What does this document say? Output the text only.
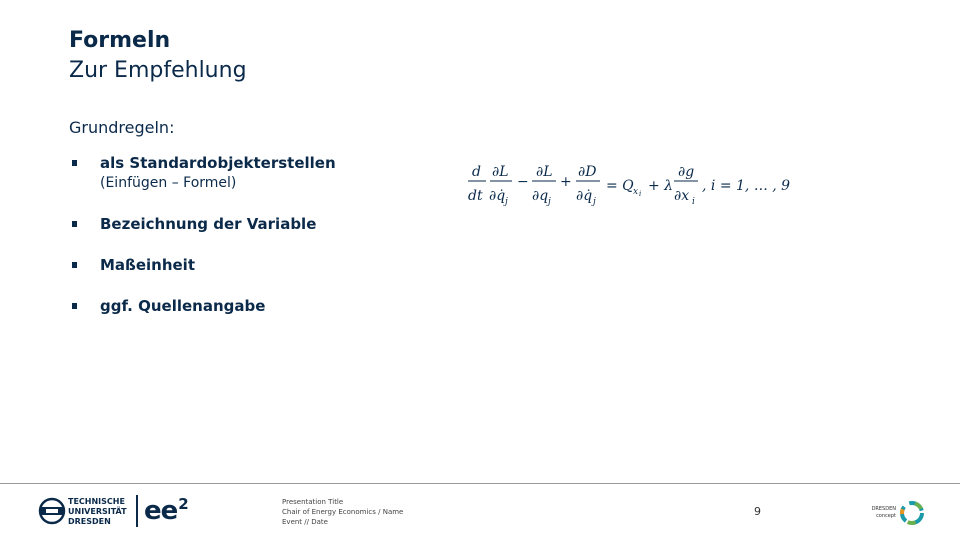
Formeln
Zur Empfehlung
Grundregeln:
als Standardobjekterstellen
(Einfügen – Formel)
Bezeichnung der Variable
Maßeinheit
ggf. Quellenangabe
d
dt
∂L
∂q̇ j
−
∂L
∂q j
+
∂D
∂q̇ j
= Q x i + λ
∂g
∂x i
, i = 1, … , 9
TECHNISCHE
UNIVERSITÄT
DRESDEN	$ee^2$	Presentation Title
Chair of Energy Economics / Name
Event // Date
9	DRESDEN
concept
